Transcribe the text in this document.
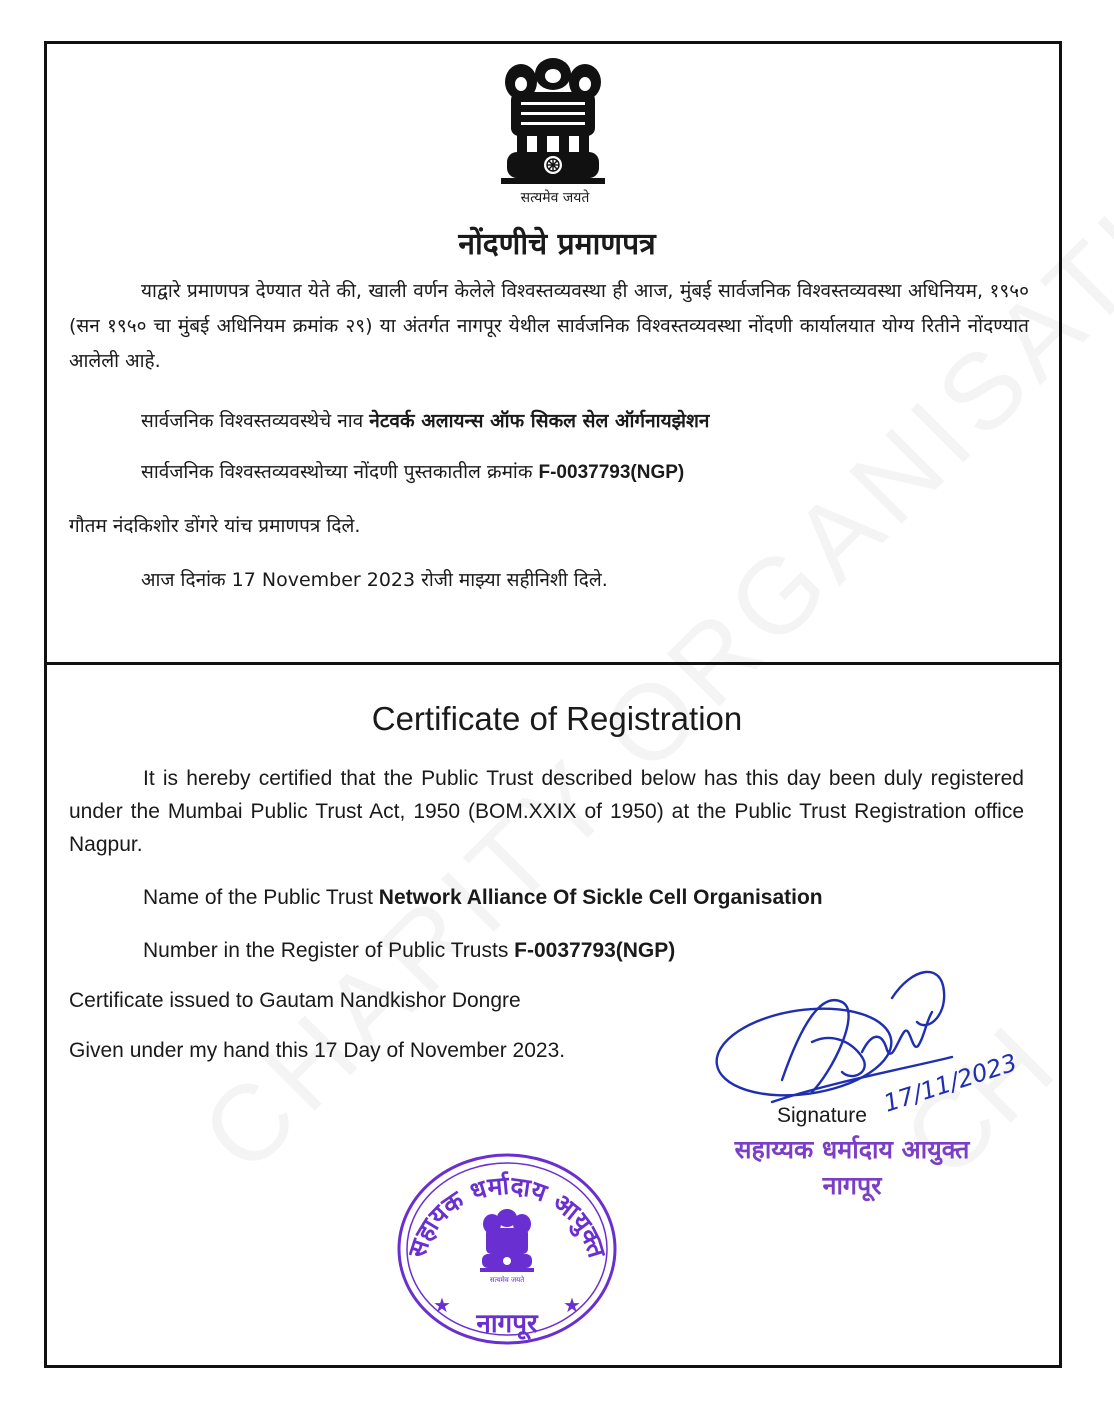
सत्यमेव जयते
नोंदणीचे प्रमाणपत्र
याद्वारे प्रमाणपत्र देण्यात येते की, खाली वर्णन केलेले विश्वस्तव्यवस्था ही आज, मुंबई सार्वजनिक विश्वस्तव्यवस्था अधिनियम, १९५० (सन १९५० चा मुंबई अधिनियम क्रमांक २९) या अंतर्गत नागपूर येथील सार्वजनिक विश्वस्तव्यवस्था नोंदणी कार्यालयात योग्य रितीने नोंदण्यात आलेली आहे.
सार्वजनिक विश्वस्तव्यवस्थेचे नाव नेटवर्क अलायन्स ऑफ सिकल सेल ऑर्गनायझेशन
सार्वजनिक विश्वस्तव्यवस्थोच्या नोंदणी पुस्तकातील क्रमांक F-0037793(NGP)
गौतम नंदकिशोर डोंगरे यांच प्रमाणपत्र दिले.
आज दिनांक 17 November 2023 रोजी माझ्या सहीनिशी दिले.
Certificate of Registration
It is hereby certified that the Public Trust described below has this day been duly registered under the Mumbai Public Trust Act, 1950 (BOM.XXIX of 1950) at the Public Trust Registration office Nagpur.
Name of the Public Trust Network Alliance Of Sickle Cell Organisation
Number in the Register of Public Trusts F-0037793(NGP)
Certificate issued to Gautam Nandkishor Dongre
Given under my hand this 17 Day of November 2023.	17/11/2023
Signature
सहाय्यक धर्मादाय आयुक्त
नागपूर
सहायक धर्मादाय आयुक्त
नागपूर
★	★
सत्यमेव जयते
